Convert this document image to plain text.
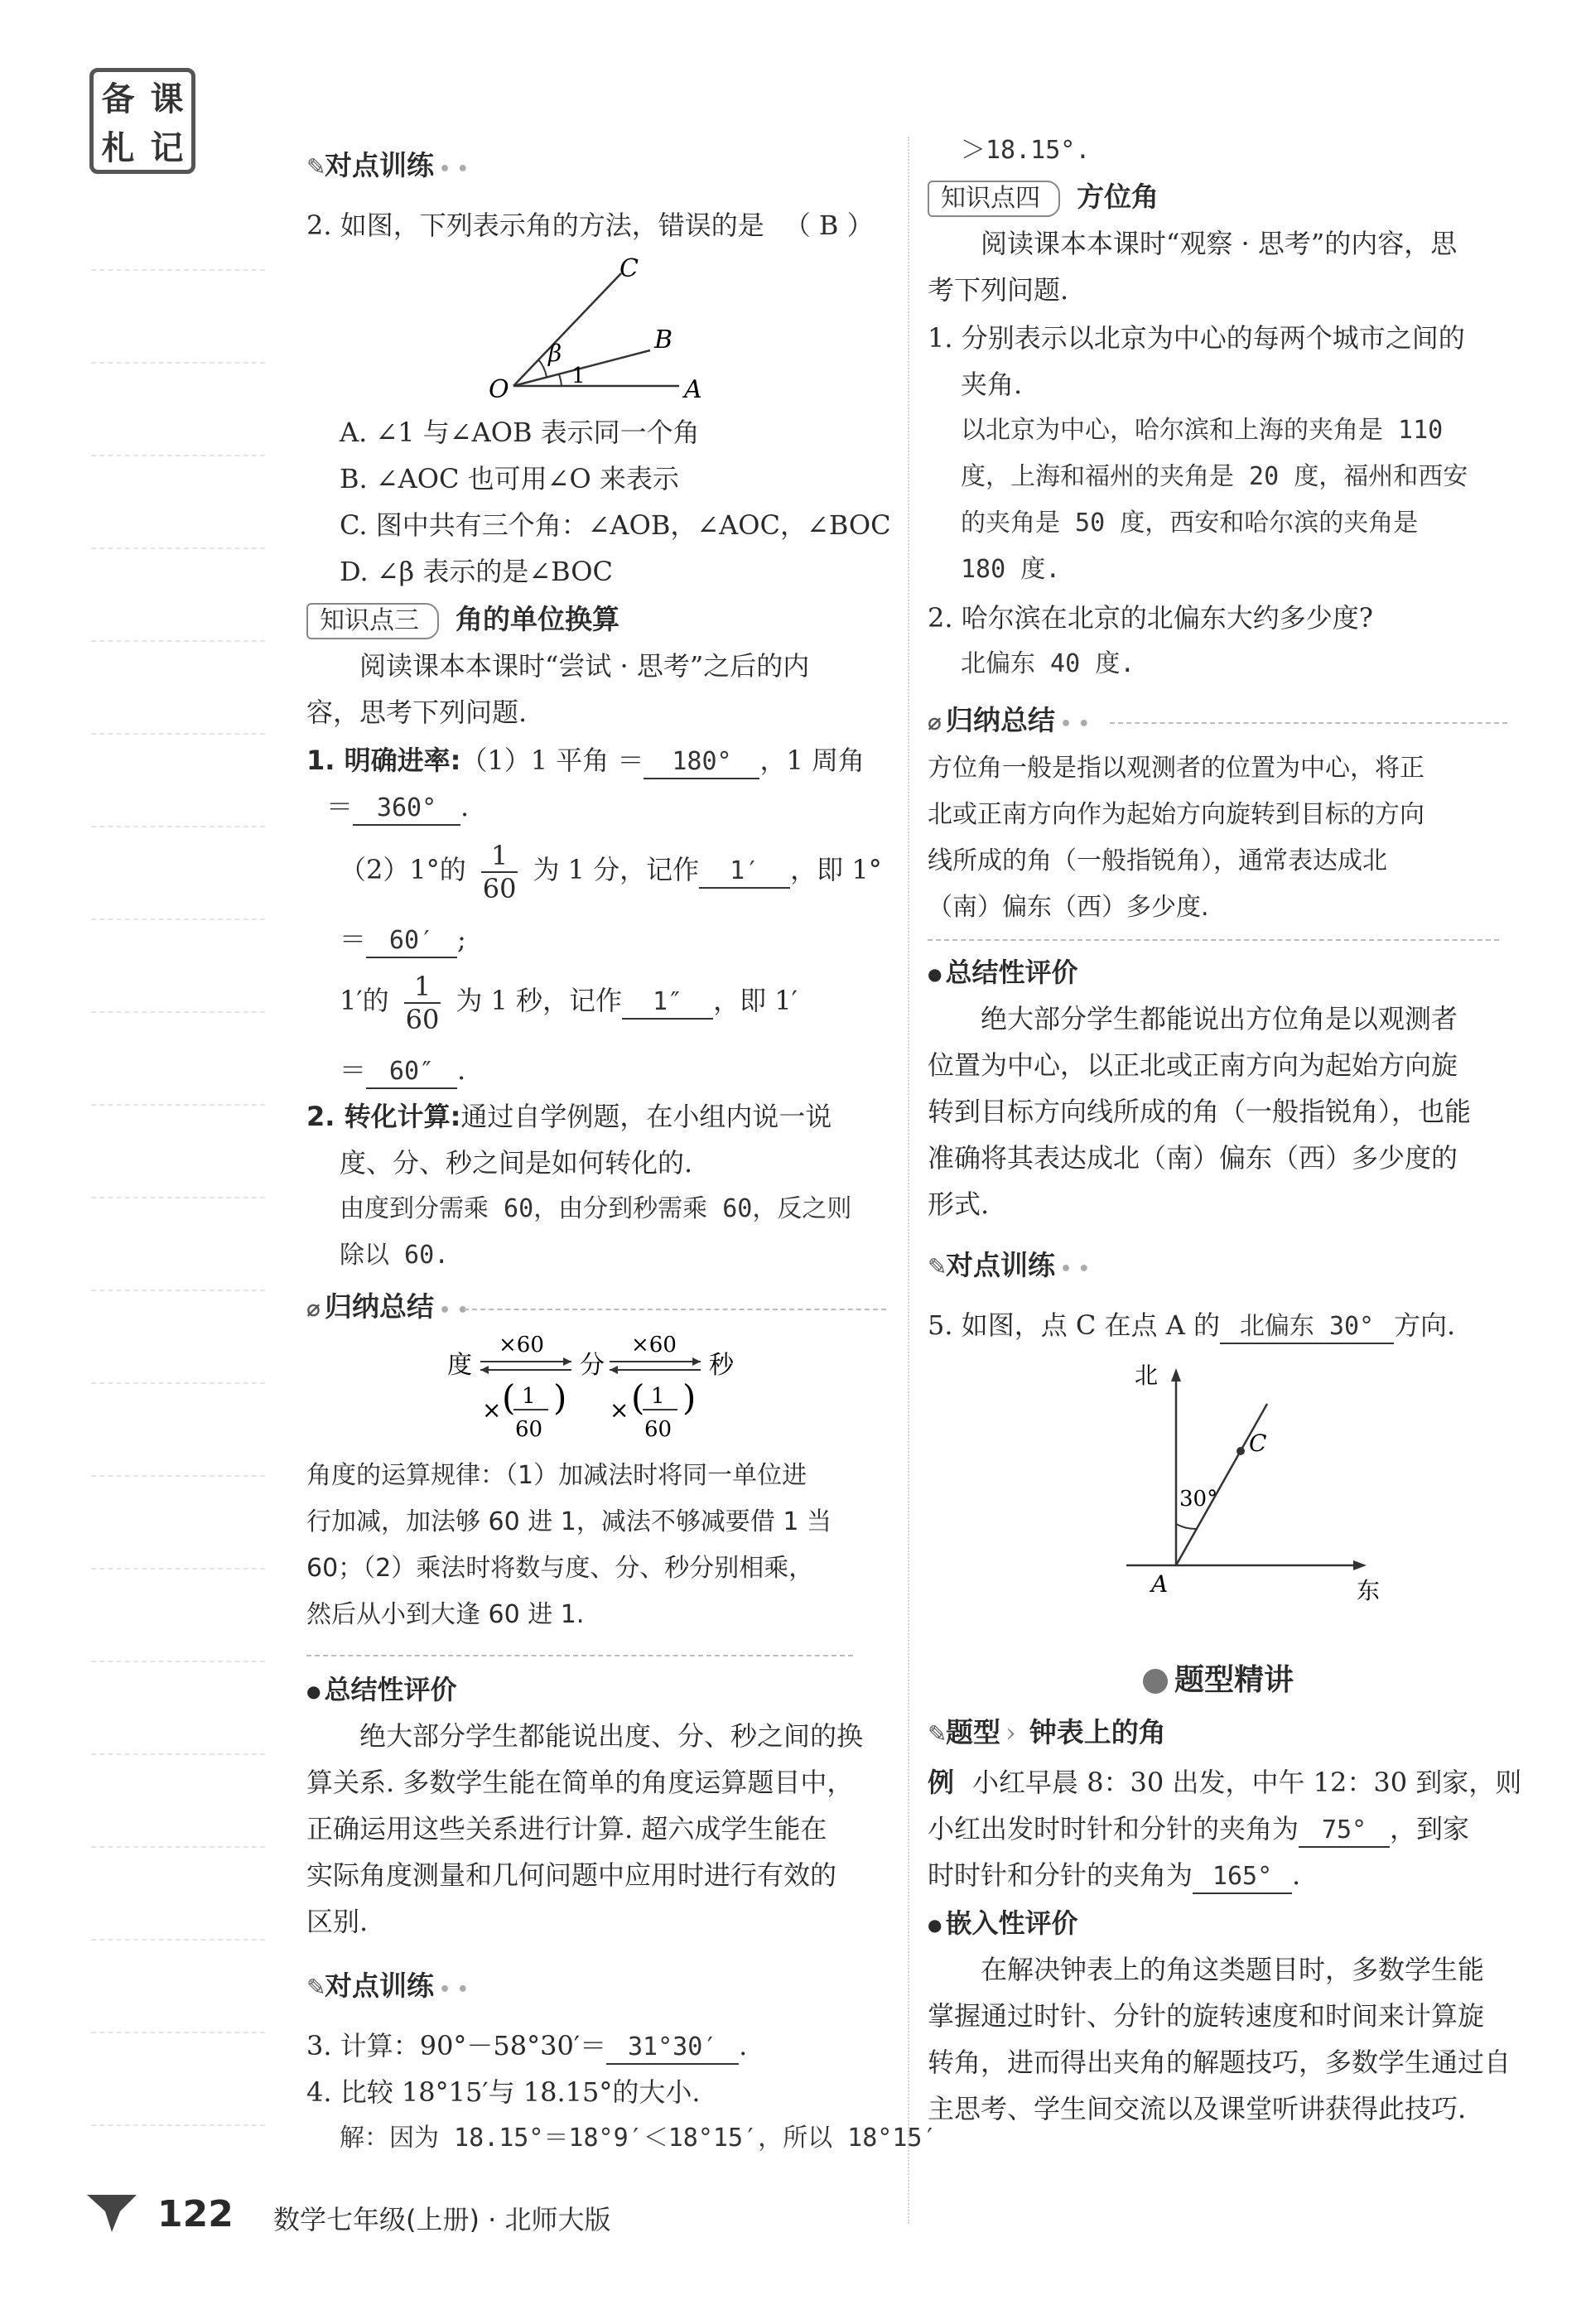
备 课
札 记	✎对点训练 • •
2. 如图，下列表示角的方法，错误的是 （ B ）
C
B
O	A
β
1
A. ∠1 与∠AOB 表示同一个角
B. ∠AOC 也可用∠O 来表示
C. 图中共有三个角：∠AOB，∠AOC，∠BOC
D. ∠β 表示的是∠BOC
知识点三 角的单位换算
阅读课本本课时“尝试 · 思考”之后的内
容，思考下列问题.
1. 明确进率:（1）1 平角 ＝ 180° ，1 周角
＝ 360° .
（2）1°的 $\frac{1}{60}$ 为 1 分，记作 1′ ，即 1°
＝ 60′ ;
1′的 $\frac{1}{60}$ 为 1 秒，记作 1″ ，即 1′
＝ 60″ .
2. 转化计算:通过自学例题，在小组内说一说
度、分、秒之间是如何转化的.
由度到分需乘 60，由分到秒需乘 60，反之则
除以 60.
⌀ 归纳总结 • •
度	分	秒
×60	×60
×	×
( ) ( )
1
60
1
60
角度的运算规律：（1）加减法时将同一单位进
行加减，加法够 60 进 1，减法不够减要借 1 当
60；（2）乘法时将数与度、分、秒分别相乘，
然后从小到大逢 60 进 1.
● 总结性评价
绝大部分学生都能说出度、分、秒之间的换
算关系. 多数学生能在简单的角度运算题目中，
正确运用这些关系进行计算. 超六成学生能在
实际角度测量和几何问题中应用时进行有效的
区别.
✎对点训练 • •
3. 计算：90°－58°30′＝ 31°30′ .
4. 比较 18°15′与 18.15°的大小.
解：因为 18.15°＝18°9′＜18°15′，所以 18°15′
＞18.15°.
知识点四 方位角
阅读课本本课时“观察 · 思考”的内容，思
考下列问题.
1. 分别表示以北京为中心的每两个城市之间的
夹角.
以北京为中心，哈尔滨和上海的夹角是 110
度，上海和福州的夹角是 20 度，福州和西安
的夹角是 50 度，西安和哈尔滨的夹角是
180 度.
2. 哈尔滨在北京的北偏东大约多少度?
北偏东 40 度.
⌀ 归纳总结 • •
方位角一般是指以观测者的位置为中心，将正
北或正南方向作为起始方向旋转到目标的方向
线所成的角（一般指锐角），通常表达成北
（南）偏东（西）多少度.
● 总结性评价
绝大部分学生都能说出方位角是以观测者
位置为中心，以正北或正南方向为起始方向旋
转到目标方向线所成的角（一般指锐角），也能
准确将其表达成北（南）偏东（西）多少度的
形式.
✎对点训练 • •
5. 如图，点 C 在点 A 的 北偏东 30° 方向.
北
东
A
C
30°
题型精讲
✎题型 › 钟表上的角
例 小红早晨 8：30 出发，中午 12：30 到家，则
小红出发时时针和分针的夹角为 75° ，到家
时时针和分针的夹角为 165° .
● 嵌入性评价
在解决钟表上的角这类题目时，多数学生能
掌握通过时针、分针的旋转速度和时间来计算旋
转角，进而得出夹角的解题技巧，多数学生通过自
主思考、学生间交流以及课堂听讲获得此技巧.
122 数学七年级(上册) · 北师大版
